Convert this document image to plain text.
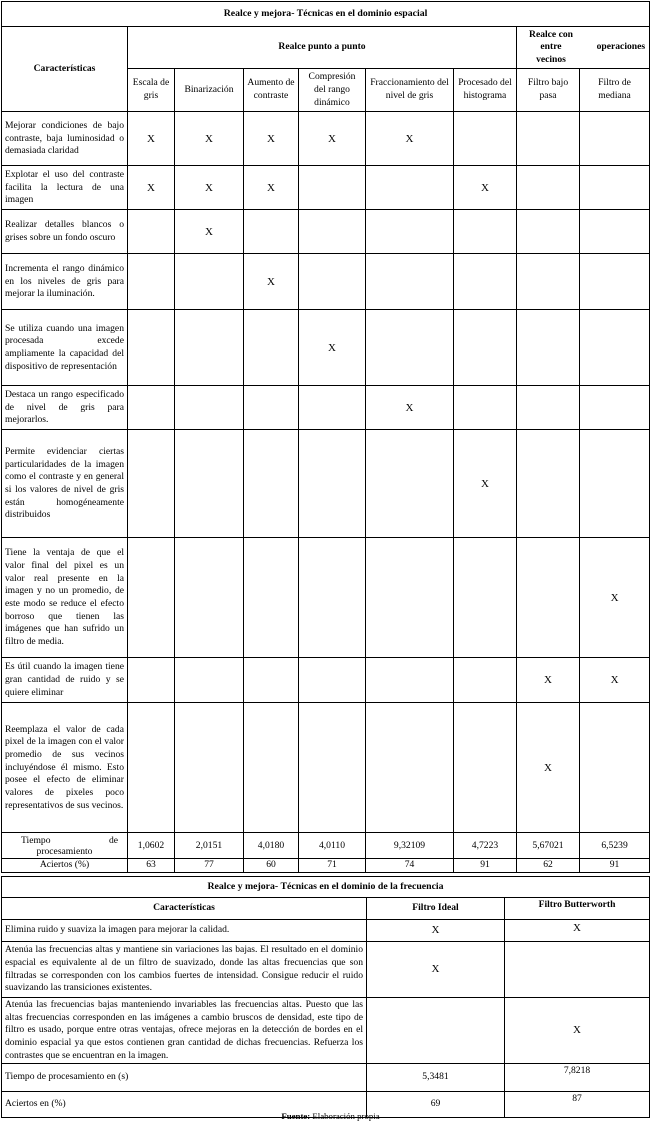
Realce y mejora- Técnicas en el dominio espacial								
Características	Realce punto a punto						Realce con
entre
vecinos
operaciones	

	Escala de gris	Binarización	Aumento de contraste	Compresión del rango dinámico	Fraccionamiento del nivel de gris	Procesado del histograma	Filtro bajo pasa	Filtro de mediana
Mejorar condiciones de bajo contraste, baja luminosidad o demasiada claridad	X	X	X	X	X			
Explotar el uso del contraste facilita la lectura de una imagen	X	X	X			X		
Realizar detalles blancos o grises sobre un fondo oscuro		X						
Incrementa el rango dinámico en los niveles de gris para mejorar la iluminación.			X					
Se utiliza cuando una imagen procesada excede ampliamente la capacidad del dispositivo de representación				X				
Destaca un rango especificado de nivel de gris para mejorarlos.					X			
Permite evidenciar ciertas particularidades de la imagen como el contraste y en general si los valores de nivel de gris están homogéneamente distribuidos						X		
Tiene la ventaja de que el valor final del pixel es un valor real presente en la imagen y no un promedio, de este modo se reduce el efecto borroso que tienen las imágenes que han sufrido un filtro de media.								X
Es útil cuando la imagen tiene gran cantidad de ruido y se quiere eliminar							X	X
Reemplaza el valor de cada pixel de la imagen con el valor promedio de sus vecinos incluyéndose él mismo. Esto posee el efecto de eliminar valores de pixeles poco representativos de sus vecinos.							X	

Tiempo de
procesamiento	1,0602	2,0151	4,0180	4,0110	9,32109	4,7223	5,67021	6,5239
Aciertos (%)	63	77	60	71	74	91	62	91
Realce y mejora- Técnicas en el dominio de la frecuencia		
Características	Filtro Ideal	Filtro Butterworth
Elimina ruido y suaviza la imagen para mejorar la calidad.	X	X
Atenúa las frecuencias altas y mantiene sin variaciones las bajas. El resultado en el dominio espacial es equivalente al de un filtro de suavizado, donde las altas frecuencias que son filtradas se corresponden con los cambios fuertes de intensidad. Consigue reducir el ruido suavizando las transiciones existentes.	X	
Atenúa las frecuencias bajas manteniendo invariables las frecuencias altas. Puesto que las altas frecuencias corresponden en las imágenes a cambio bruscos de densidad, este tipo de filtro es usado, porque entre otras ventajas, ofrece mejoras en la detección de bordes en el dominio espacial ya que estos contienen gran cantidad de dichas frecuencias. Refuerza los contrastes que se encuentran en la imagen.		X
Tiempo de procesamiento en (s)	5,3481	7,8218
Aciertos en (%)	69	87
Fuente: Elaboración propia
